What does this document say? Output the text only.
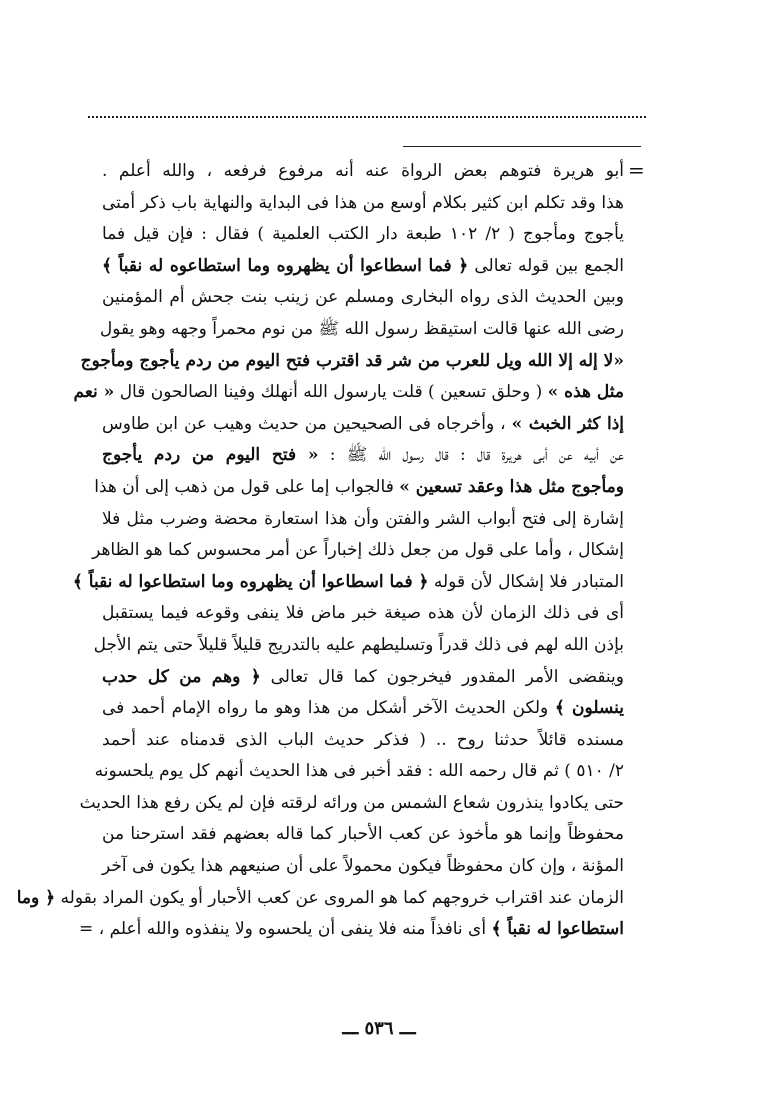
=
أبو هريرة فتوهم بعض الرواة عنه أنه مرفوع فرفعه ، والله أعلم .
هذا وقد تكلم ابن كثير بكلام أوسع من هذا فى البداية والنهاية باب ذكر أمتى
يأجوج ومأجوج ( ٢/ ١٠٢ طبعة دار الكتب العلمية ) فقال : فإن قيل فما
الجمع بين قوله تعالى ﴿ فما اسطاعوا أن يظهروه وما استطاعوه له نقباً ﴾
وبين الحديث الذى رواه البخارى ومسلم عن زينب بنت جحش أم المؤمنين
رضى الله عنها قالت استيقظ رسول الله ﷺ من نوم محمراً وجهه وهو يقول
«لا إله إلا الله ويل للعرب من شر قد اقترب فتح اليوم من ردم يأجوج ومأجوج
مثل هذه » ( وحلق تسعين ) قلت يارسول الله أنهلك وفينا الصالحون قال « نعم
إذا كثر الخبث » ، وأخرجاه فى الصحيحين من حديث وهيب عن ابن طاوس
عن أبيه عن أبى هريرة قال : قال رسول الله ﷺ : « فتح اليوم من ردم يأجوج
ومأجوج مثل هذا وعقد تسعين » فالجواب إما على قول من ذهب إلى أن هذا
إشارة إلى فتح أبواب الشر والفتن وأن هذا استعارة محضة وضرب مثل فلا
إشكال ، وأما على قول من جعل ذلك إخباراً عن أمر محسوس كما هو الظاهر
المتبادر فلا إشكال لأن قوله ﴿ فما اسطاعوا أن يظهروه وما استطاعوا له نقباً ﴾
أى فى ذلك الزمان لأن هذه صيغة خبر ماض فلا ينفى وقوعه فيما يستقبل
بإذن الله لهم فى ذلك قدراً وتسليطهم عليه بالتدريج قليلاً قليلاً حتى يتم الأجل
وينقضى الأمر المقدور فيخرجون كما قال تعالى ﴿ وهم من كل حدب
ينسلون ﴾ ولكن الحديث الآخر أشكل من هذا وهو ما رواه الإمام أحمد فى
مسنده قائلاً حدثنا روح .. ( فذكر حديث الباب الذى قدمناه عند أحمد
٢/ ٥١٠ ) ثم قال رحمه الله : فقد أخبر فى هذا الحديث أنهم كل يوم يلحسونه
حتى يكادوا ينذرون شعاع الشمس من ورائه لرقته فإن لم يكن رفع هذا الحديث
محفوظاً وإنما هو مأخوذ عن كعب الأحبار كما قاله بعضهم فقد استرحنا من
المؤنة ، وإن كان محفوظاً فيكون محمولاً على أن صنيعهم هذا يكون فى آخر
الزمان عند اقتراب خروجهم كما هو المروى عن كعب الأحبار أو يكون المراد بقوله ﴿ وما
استطاعوا له نقباً ﴾ أى نافذاً منه فلا ينفى أن يلحسوه ولا ينفذوه والله أعلم ، =
ـــ ٥٣٦ ـــ
